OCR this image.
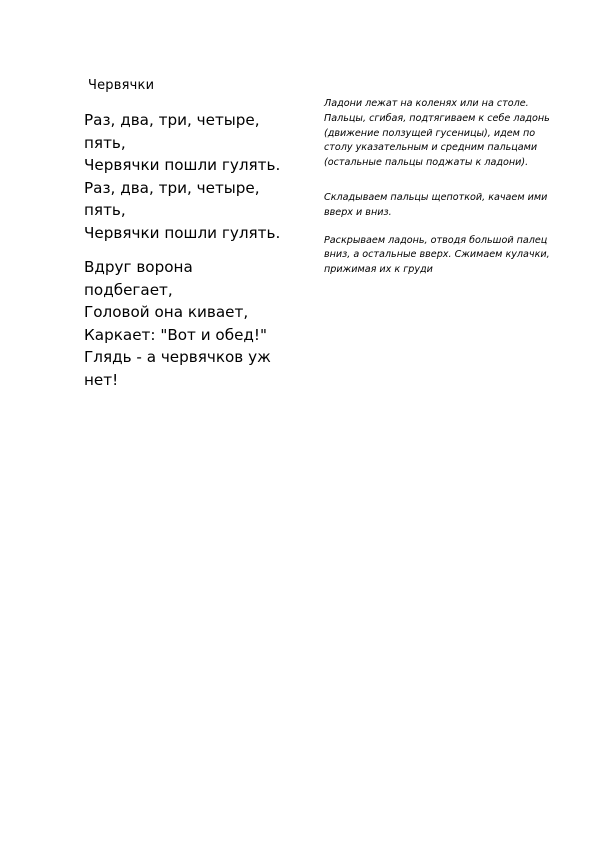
Червячки
Раз, два, три, четыре,
пять,
Червячки пошли гулять.
Раз, два, три, четыре,
пять,
Червячки пошли гулять.
Вдруг ворона
подбегает,
Головой она кивает,
Каркает: "Вот и обед!"
Глядь - а червячков уж
нет!
Ладони лежат на коленях или на столе. Пальцы, сгибая, подтягиваем к себе ладонь (движение ползущей гусеницы), идем по столу указательным и средним пальцами (остальные пальцы поджаты к ладони).
Складываем пальцы щепоткой, качаем ими вверх и вниз.
Раскрываем ладонь, отводя большой палец вниз, а остальные вверх. Сжимаем кулачки, прижимая их к груди
